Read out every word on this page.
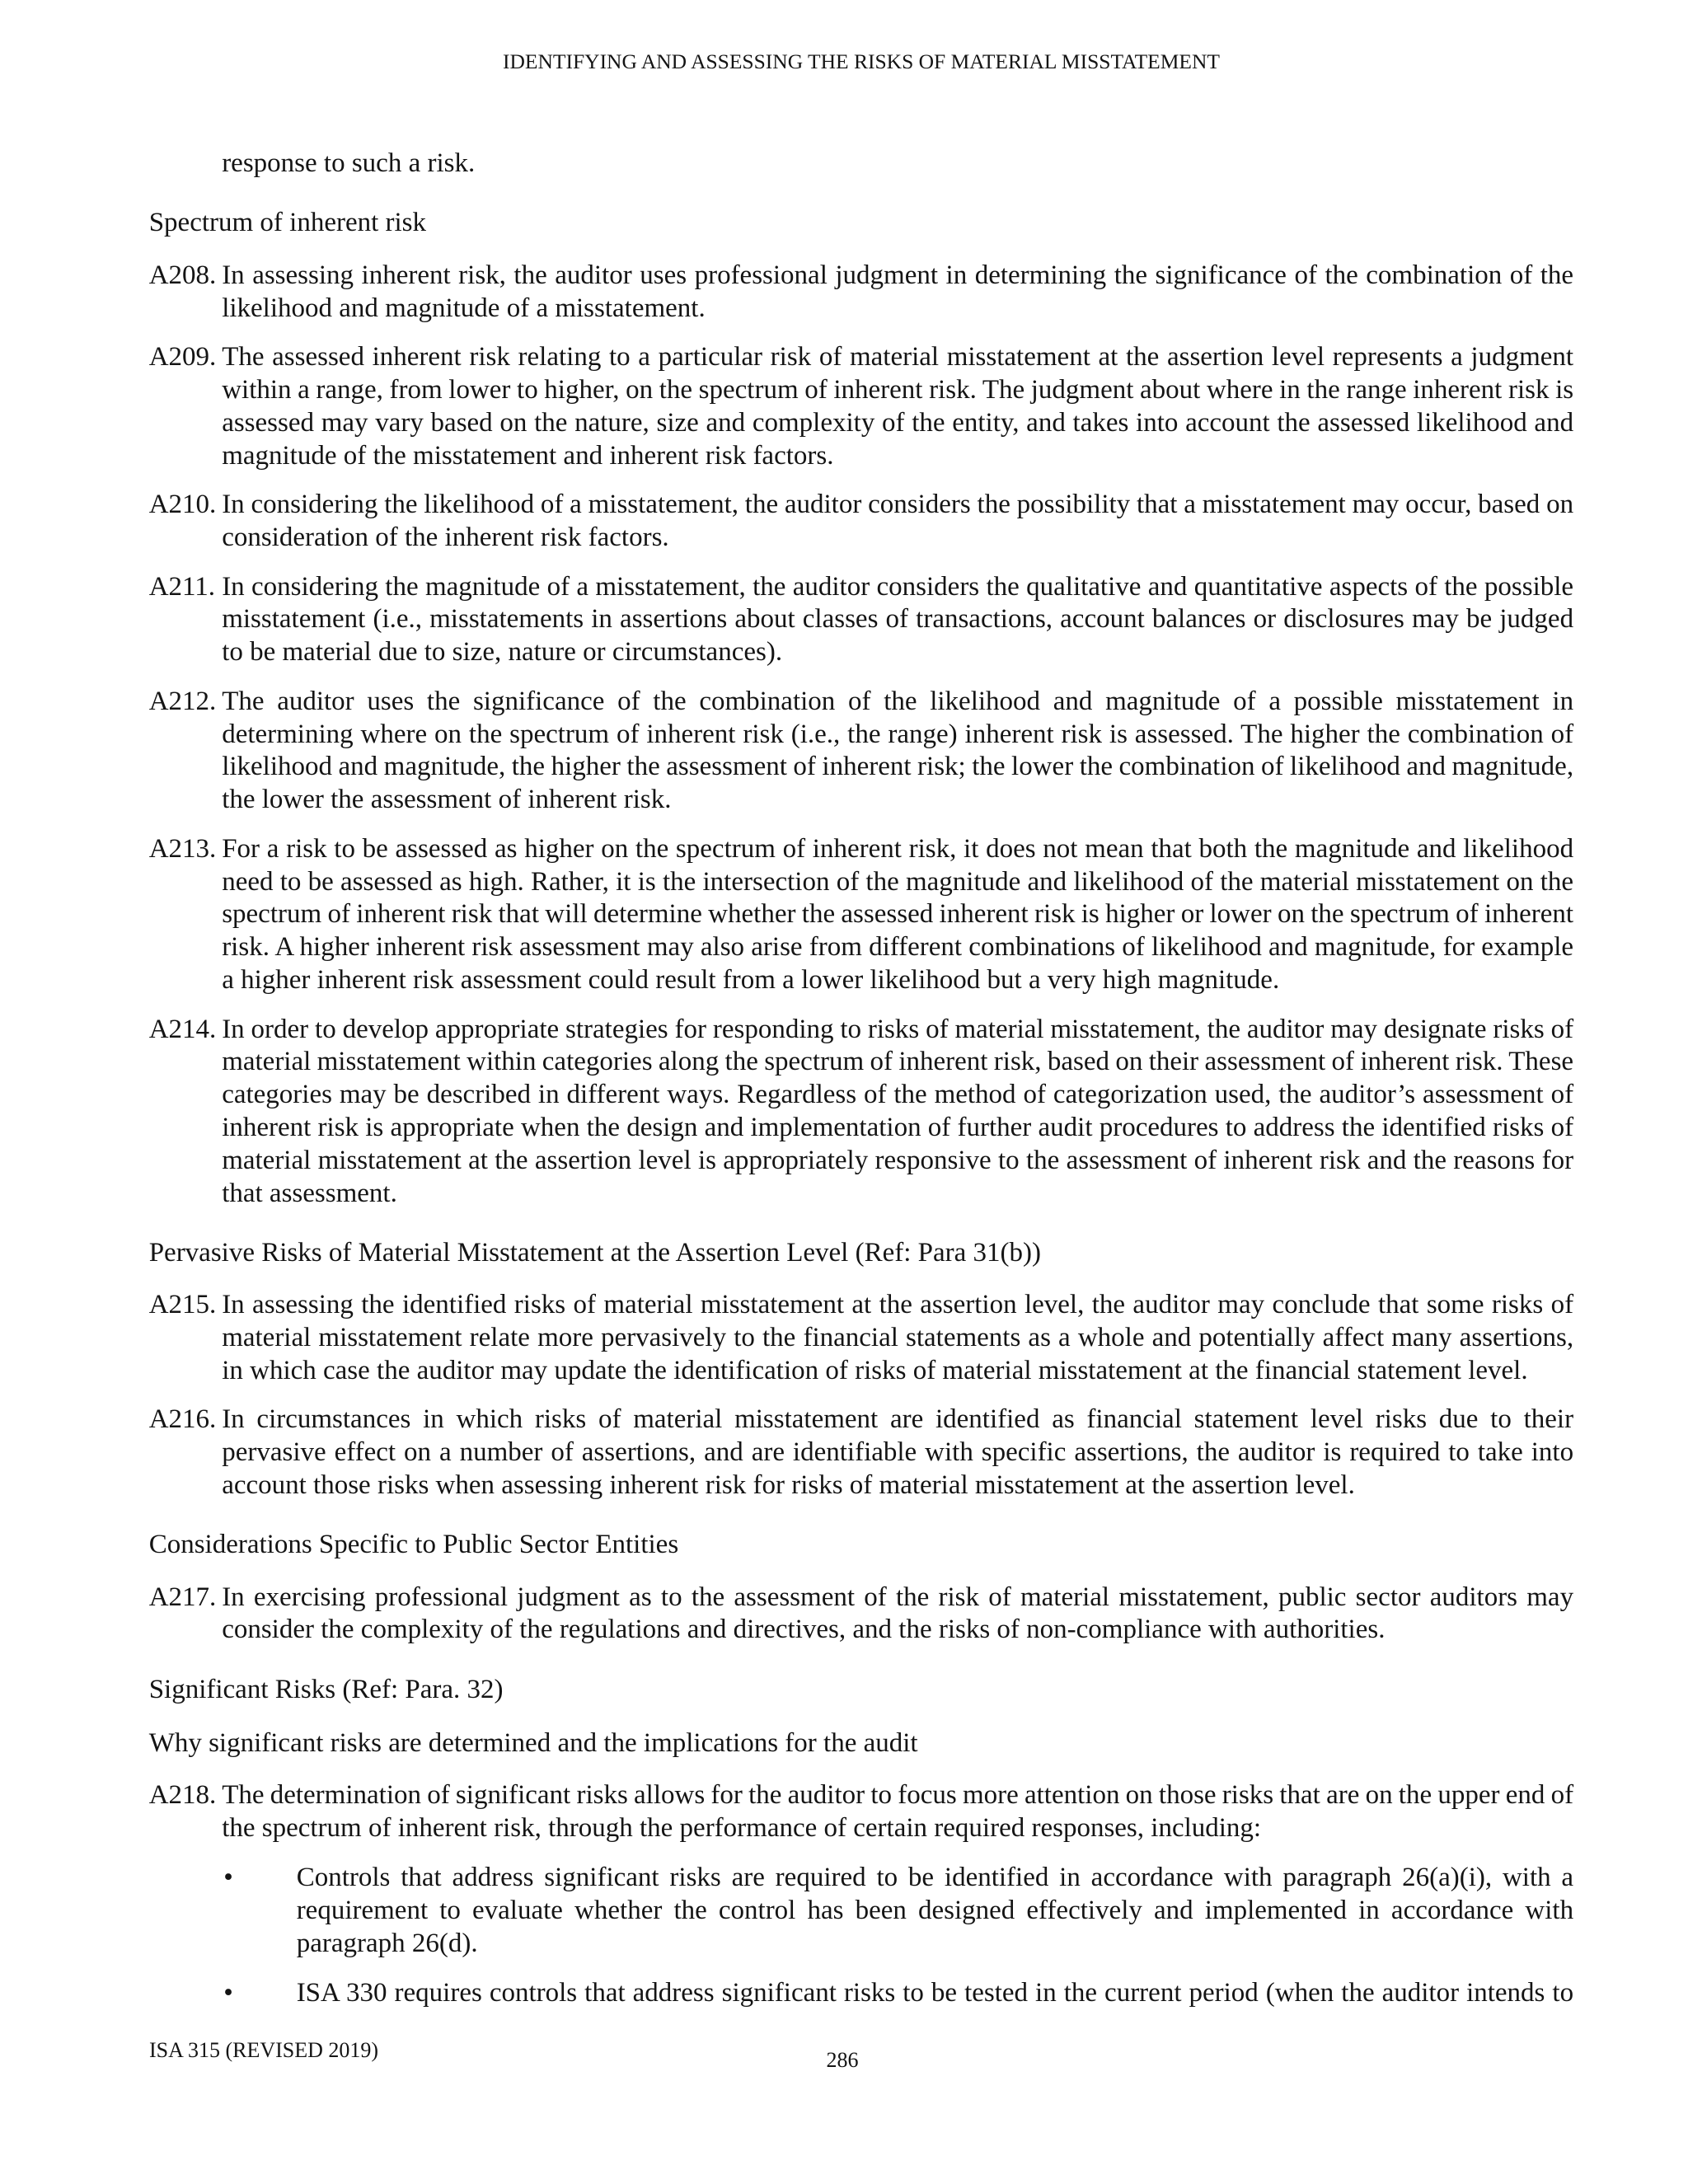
IDENTIFYING AND ASSESSING THE RISKS OF MATERIAL MISSTATEMENT
response to such a risk.
Spectrum of inherent risk
A208. In assessing inherent risk, the auditor uses professional judgment in determining the significance of the combination of the
likelihood and magnitude of a misstatement.
A209. The assessed inherent risk relating to a particular risk of material misstatement at the assertion level represents a judgment
within a range, from lower to higher, on the spectrum of inherent risk. The judgment about where in the range inherent risk is
assessed may vary based on the nature, size and complexity of the entity, and takes into account the assessed likelihood and
magnitude of the misstatement and inherent risk factors.
A210. In considering the likelihood of a misstatement, the auditor considers the possibility that a misstatement may occur, based on
consideration of the inherent risk factors.
A211. In considering the magnitude of a misstatement, the auditor considers the qualitative and quantitative aspects of the possible
misstatement (i.e., misstatements in assertions about classes of transactions, account balances or disclosures may be judged
to be material due to size, nature or circumstances).
A212. The auditor uses the significance of the combination of the likelihood and magnitude of a possible misstatement in
determining where on the spectrum of inherent risk (i.e., the range) inherent risk is assessed. The higher the combination of
likelihood and magnitude, the higher the assessment of inherent risk; the lower the combination of likelihood and magnitude,
the lower the assessment of inherent risk.
A213. For a risk to be assessed as higher on the spectrum of inherent risk, it does not mean that both the magnitude and likelihood
need to be assessed as high. Rather, it is the intersection of the magnitude and likelihood of the material misstatement on the
spectrum of inherent risk that will determine whether the assessed inherent risk is higher or lower on the spectrum of inherent
risk. A higher inherent risk assessment may also arise from different combinations of likelihood and magnitude, for example
a higher inherent risk assessment could result from a lower likelihood but a very high magnitude.
A214. In order to develop appropriate strategies for responding to risks of material misstatement, the auditor may designate risks of
material misstatement within categories along the spectrum of inherent risk, based on their assessment of inherent risk. These
categories may be described in different ways. Regardless of the method of categorization used, the auditor’s assessment of
inherent risk is appropriate when the design and implementation of further audit procedures to address the identified risks of
material misstatement at the assertion level is appropriately responsive to the assessment of inherent risk and the reasons for
that assessment.
Pervasive Risks of Material Misstatement at the Assertion Level (Ref: Para 31(b))
A215. In assessing the identified risks of material misstatement at the assertion level, the auditor may conclude that some risks of
material misstatement relate more pervasively to the financial statements as a whole and potentially affect many assertions,
in which case the auditor may update the identification of risks of material misstatement at the financial statement level.
A216. In circumstances in which risks of material misstatement are identified as financial statement level risks due to their
pervasive effect on a number of assertions, and are identifiable with specific assertions, the auditor is required to take into
account those risks when assessing inherent risk for risks of material misstatement at the assertion level.
Considerations Specific to Public Sector Entities
A217. In exercising professional judgment as to the assessment of the risk of material misstatement, public sector auditors may
consider the complexity of the regulations and directives, and the risks of non-compliance with authorities.
Significant Risks (Ref: Para. 32)
Why significant risks are determined and the implications for the audit
A218. The determination of significant risks allows for the auditor to focus more attention on those risks that are on the upper end of
the spectrum of inherent risk, through the performance of certain required responses, including:
•
Controls that address significant risks are required to be identified in accordance with paragraph 26(a)(i), with a
requirement to evaluate whether the control has been designed effectively and implemented in accordance with
paragraph 26(d).
•
ISA 330 requires controls that address significant risks to be tested in the current period (when the auditor intends to
ISA 315 (REVISED 2019)	286
